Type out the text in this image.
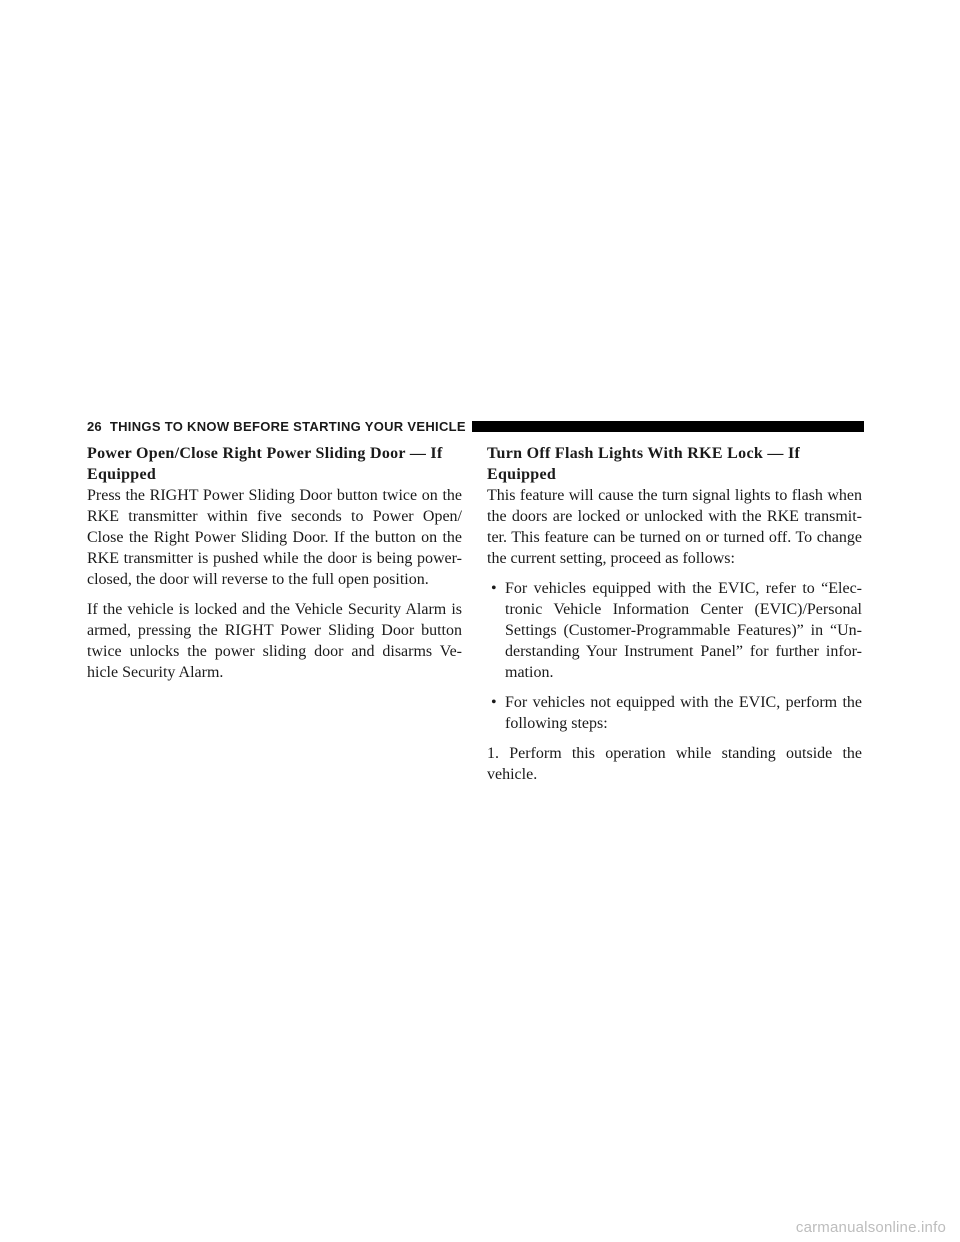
26 THINGS TO KNOW BEFORE STARTING YOUR VEHICLE
Power Open/Close Right Power Sliding Door — If Equipped

Press the RIGHT Power Sliding Door button twice on the RKE transmitter within five seconds to Power Open/ Close the Right Power Sliding Door. If the button on the RKE transmitter is pushed while the door is being power-closed, the door will reverse to the full open position.

If the vehicle is locked and the Vehicle Security Alarm is armed, pressing the RIGHT Power Sliding Door button twice unlocks the power sliding door and disarms Ve- hicle Security Alarm.

Turn Off Flash Lights With RKE Lock — If Equipped

This feature will cause the turn signal lights to flash when the doors are locked or unlocked with the RKE transmit- ter. This feature can be turned on or turned off. To change the current setting, proceed as follows:

• For vehicles equipped with the EVIC, refer to “Elec- tronic Vehicle Information Center (EVIC)/Personal Settings (Customer-Programmable Features)” in “Un- derstanding Your Instrument Panel” for further infor- mation.
• For vehicles not equipped with the EVIC, perform the following steps:

1. Perform this operation while standing outside the vehicle.

carmanualsonline.info
